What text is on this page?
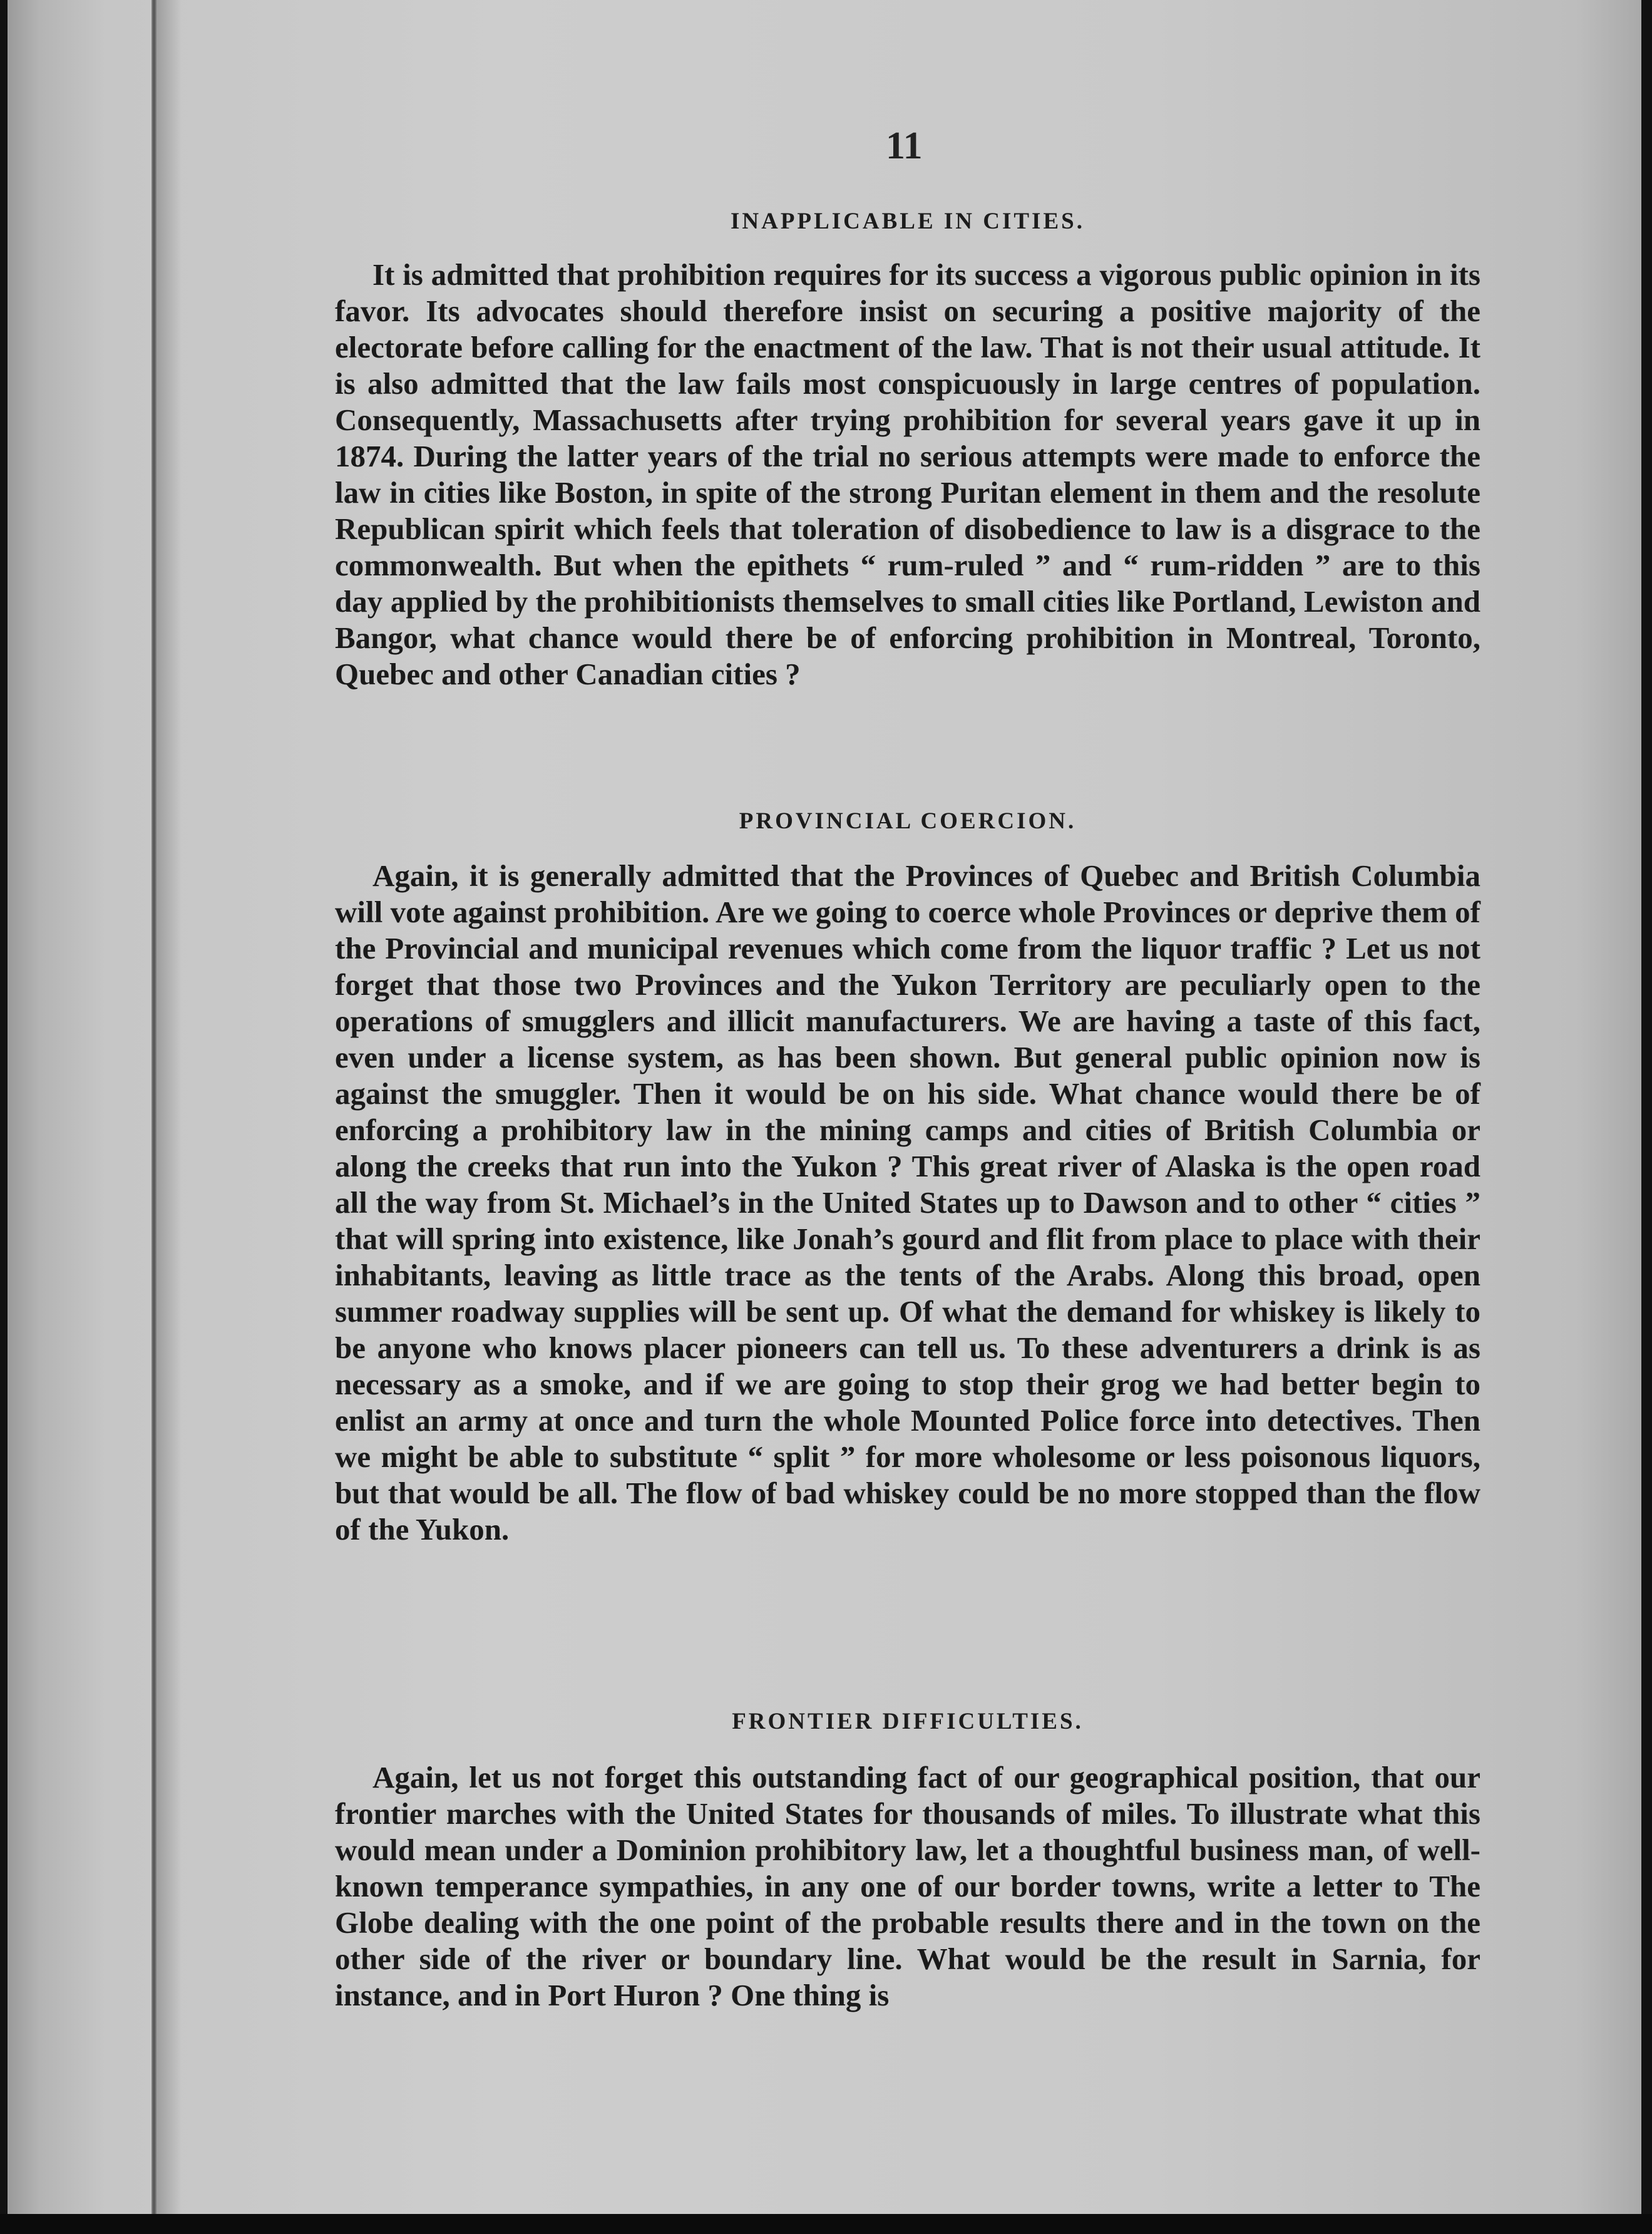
11
INAPPLICABLE IN CITIES.
It is admitted that prohibition requires for its success a vigorous public opinion in its favor. Its advocates should therefore insist on securing a positive majority of the electorate before calling for the enactment of the law. That is not their usual attitude. It is also admitted that the law fails most conspicuously in large centres of population. Consequently, Massachusetts after trying prohibition for several years gave it up in 1874. During the latter years of the trial no serious attempts were made to enforce the law in cities like Boston, in spite of the strong Puritan element in them and the resolute Republican spirit which feels that toleration of disobedience to law is a disgrace to the commonwealth. But when the epithets “ rum-ruled ” and “ rum-ridden ” are to this day applied by the prohibitionists themselves to small cities like Portland, Lewiston and Bangor, what chance would there be of enforcing prohibition in Montreal, Toronto, Quebec and other Canadian cities ?
PROVINCIAL COERCION.
Again, it is generally admitted that the Provinces of Quebec and British Columbia will vote against prohibition. Are we going to coerce whole Provinces or deprive them of the Provincial and municipal revenues which come from the liquor traffic ? Let us not forget that those two Provinces and the Yukon Territory are peculiarly open to the operations of smugglers and illicit manufacturers. We are having a taste of this fact, even under a license system, as has been shown. But general public opinion now is against the smuggler. Then it would be on his side. What chance would there be of enforcing a prohibitory law in the mining camps and cities of British Columbia or along the creeks that run into the Yukon ? This great river of Alaska is the open road all the way from St. Michael’s in the United States up to Dawson and to other “ cities ” that will spring into existence, like Jonah’s gourd and flit from place to place with their inhabitants, leaving as little trace as the tents of the Arabs. Along this broad, open summer roadway supplies will be sent up. Of what the demand for whiskey is likely to be anyone who knows placer pioneers can tell us. To these adventurers a drink is as necessary as a smoke, and if we are going to stop their grog we had better begin to enlist an army at once and turn the whole Mounted Police force into detectives. Then we might be able to substitute “ split ” for more wholesome or less poisonous liquors, but that would be all. The flow of bad whiskey could be no more stopped than the flow of the Yukon.
FRONTIER DIFFICULTIES.
Again, let us not forget this outstanding fact of our geographical position, that our frontier marches with the United States for thousands of miles. To illustrate what this would mean under a Dominion prohibitory law, let a thoughtful business man, of well-known temperance sympathies, in any one of our border towns, write a letter to The Globe dealing with the one point of the probable results there and in the town on the other side of the river or boundary line. What would be the result in Sarnia, for instance, and in Port Huron ? One thing is
